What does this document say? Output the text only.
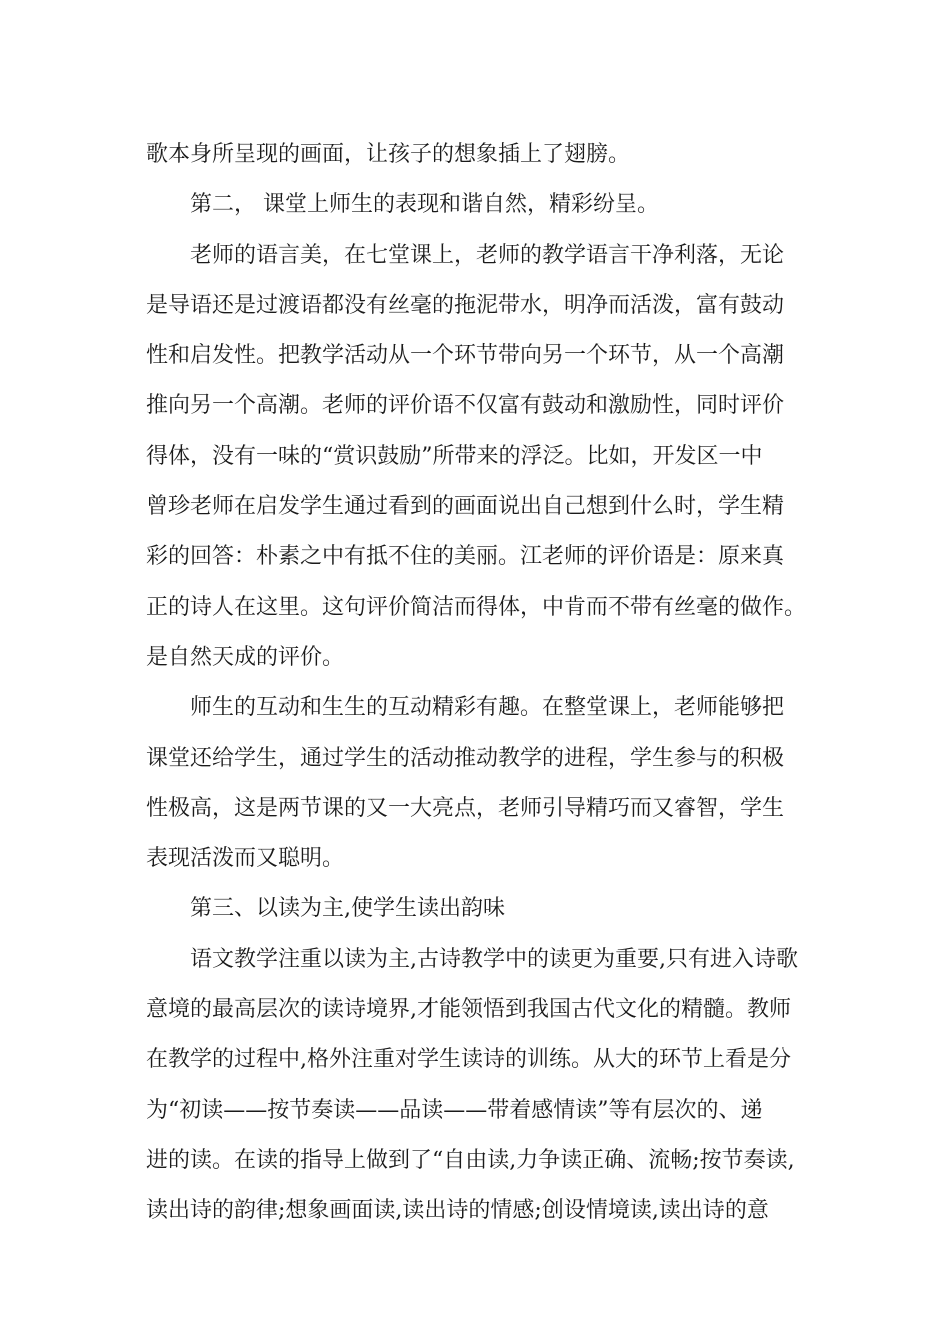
歌本身所呈现的画面，让孩子的想象插上了翅膀。
第二， 课堂上师生的表现和谐自然，精彩纷呈。
老师的语言美，在七堂课上，老师的教学语言干净利落，无论
是导语还是过渡语都没有丝毫的拖泥带水，明净而活泼，富有鼓动
性和启发性。把教学活动从一个环节带向另一个环节，从一个高潮
推向另一个高潮。老师的评价语不仅富有鼓动和激励性，同时评价
得体，没有一味的“赏识鼓励”所带来的浮泛。比如，开发区一中
曾珍老师在启发学生通过看到的画面说出自己想到什么时，学生精
彩的回答：朴素之中有抵不住的美丽。江老师的评价语是：原来真
正的诗人在这里。这句评价简洁而得体，中肯而不带有丝毫的做作。
是自然天成的评价。
师生的互动和生生的互动精彩有趣。在整堂课上，老师能够把
课堂还给学生，通过学生的活动推动教学的进程，学生参与的积极
性极高，这是两节课的又一大亮点，老师引导精巧而又睿智，学生
表现活泼而又聪明。
第三、以读为主,使学生读出韵味
语文教学注重以读为主,古诗教学中的读更为重要,只有进入诗歌
意境的最高层次的读诗境界,才能领悟到我国古代文化的精髓。教师
在教学的过程中,格外注重对学生读诗的训练。从大的环节上看是分
为“初读——按节奏读——品读——带着感情读”等有层次的、递
进的读。在读的指导上做到了“自由读,力争读正确、流畅;按节奏读,
读出诗的韵律;想象画面读,读出诗的情感;创设情境读,读出诗的意
